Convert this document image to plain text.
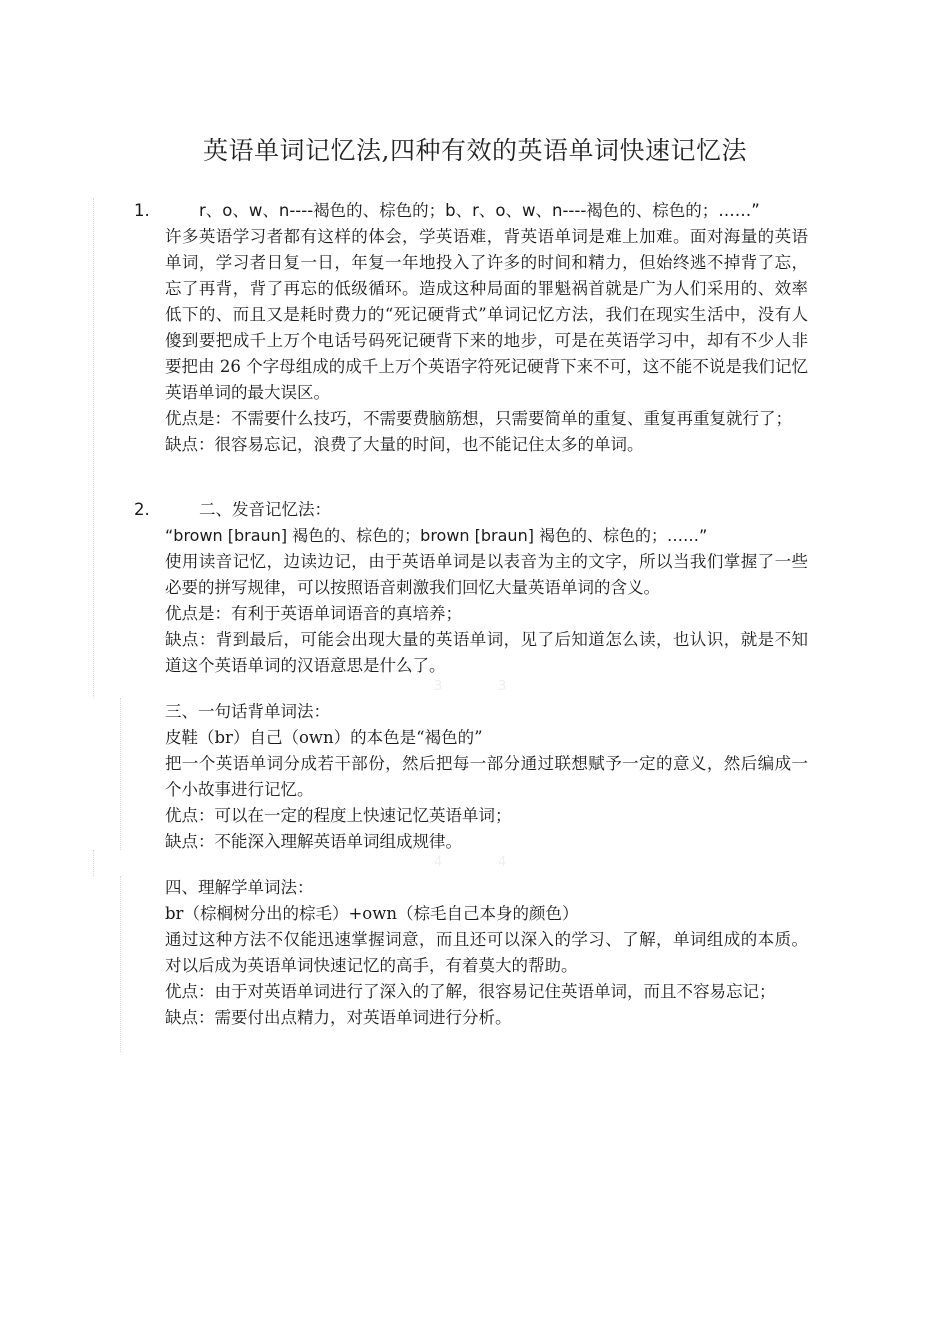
英语单词记忆法,四种有效的英语单词快速记忆法
1.	r、o、w、n----褐色的、棕色的；b、r、o、w、n----褐色的、棕色的；……”
许多英语学习者都有这样的体会，学英语难，背英语单词是难上加难。面对海量的英语单词，学习者日复一日，年复一年地投入了许多的时间和精力，但始终逃不掉背了忘，忘了再背，背了再忘的低级循环。造成这种局面的罪魁祸首就是广为人们采用的、效率低下的、而且又是耗时费力的“死记硬背式”单词记忆方法，我们在现实生活中，没有人傻到要把成千上万个电话号码死记硬背下来的地步，可是在英语学习中，却有不少人非要把由 26 个字母组成的成千上万个英语字符死记硬背下来不可，这不能不说是我们记忆英语单词的最大误区。
优点是：不需要什么技巧，不需要费脑筋想，只需要简单的重复、重复再重复就行了；
缺点：很容易忘记，浪费了大量的时间，也不能记住太多的单词。
2.	二、发音记忆法：
“brown [braun] 褐色的、棕色的；brown [braun] 褐色的、棕色的；……”
使用读音记忆，边读边记，由于英语单词是以表音为主的文字，所以当我们掌握了一些必要的拼写规律，可以按照语音刺激我们回忆大量英语单词的含义。
优点是：有利于英语单词语音的真培养；
缺点：背到最后，可能会出现大量的英语单词，见了后知道怎么读，也认识，就是不知道这个英语单词的汉语意思是什么了。
3	3
三、一句话背单词法：
皮鞋（br）自己（own）的本色是“褐色的”
把一个英语单词分成若干部份，然后把每一部分通过联想赋予一定的意义，然后编成一个小故事进行记忆。
优点：可以在一定的程度上快速记忆英语单词；
缺点：不能深入理解英语单词组成规律。
4	4
四、理解学单词法：
br（棕榈树分出的棕毛）+own（棕毛自己本身的颜色）
通过这种方法不仅能迅速掌握词意，而且还可以深入的学习、了解，单词组成的本质。对以后成为英语单词快速记忆的高手，有着莫大的帮助。
优点：由于对英语单词进行了深入的了解，很容易记住英语单词，而且不容易忘记；
缺点：需要付出点精力，对英语单词进行分析。
